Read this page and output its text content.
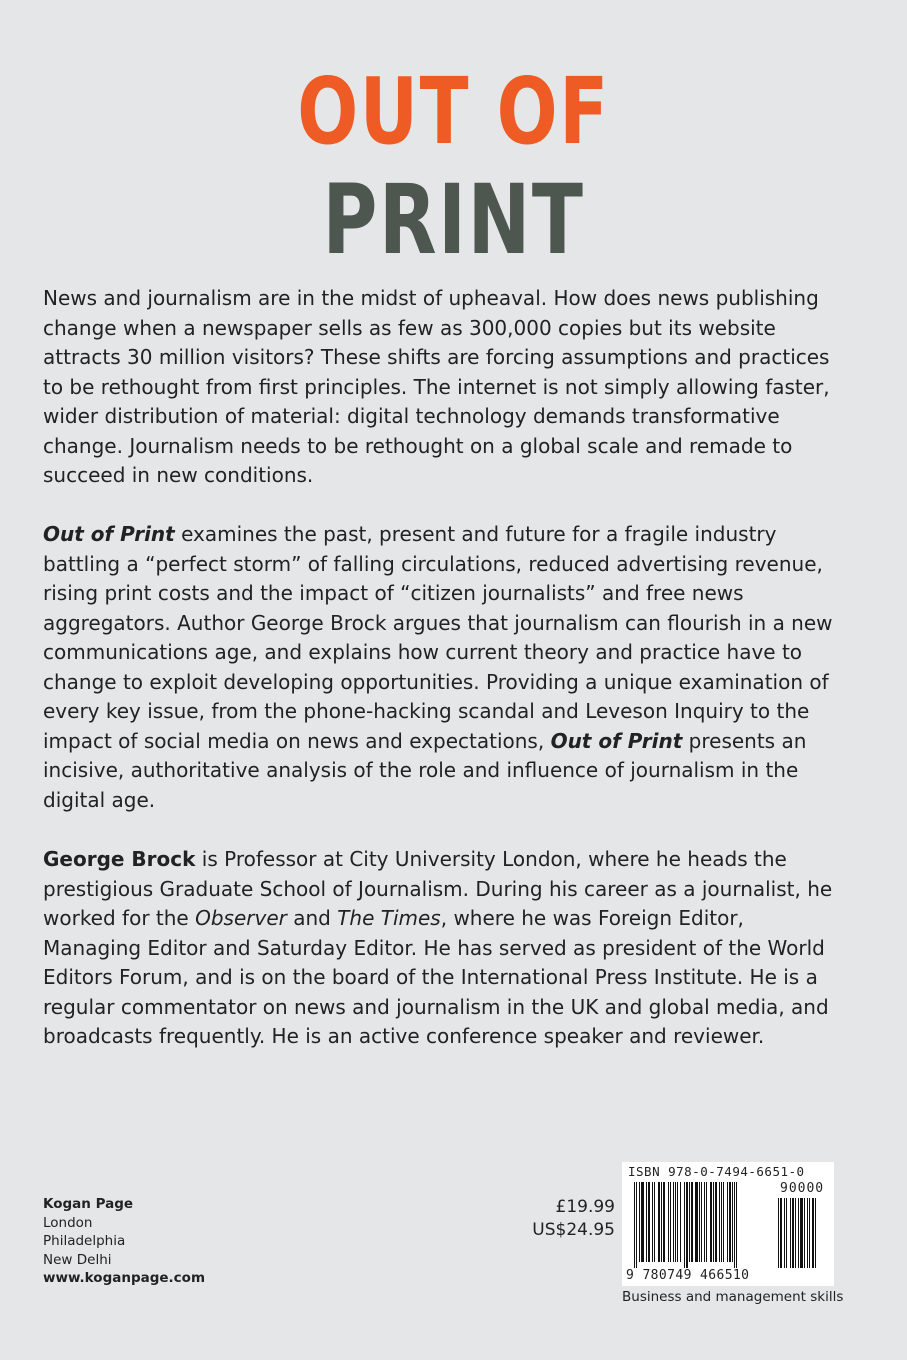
OUT OF
PRINT

News and journalism are in the midst of upheaval. How does news publishing change when a newspaper sells as few as 300,000 copies but its website attracts 30 million visitors? These shifts are forcing assumptions and practices to be rethought from first principles. The internet is not simply allowing faster, wider distribution of material: digital technology demands transformative change. Journalism needs to be rethought on a global scale and remade to succeed in new conditions.

Out of Print examines the past, present and future for a fragile industry battling a “perfect storm” of falling circulations, reduced advertising revenue, rising print costs and the impact of “citizen journalists” and free news aggregators. Author George Brock argues that journalism can flourish in a new communications age, and explains how current theory and practice have to change to exploit developing opportunities. Providing a unique examination of every key issue, from the phone-hacking scandal and Leveson Inquiry to the impact of social media on news and expectations, Out of Print presents an incisive, authoritative analysis of the role and influence of journalism in the digital age.

George Brock is Professor at City University London, where he heads the prestigious Graduate School of Journalism. During his career as a journalist, he worked for the Observer and The Times, where he was Foreign Editor, Managing Editor and Saturday Editor. He has served as president of the World Editors Forum, and is on the board of the International Press Institute. He is a regular commentator on news and journalism in the UK and global media, and broadcasts frequently. He is an active conference speaker and reviewer.

Kogan Page
London
Philadelphia
New Delhi
www.koganpage.com
£19.99
US$24.95
ISBN 978-0-7494-6651-0
90000
9 780749 466510
Business and management skills
